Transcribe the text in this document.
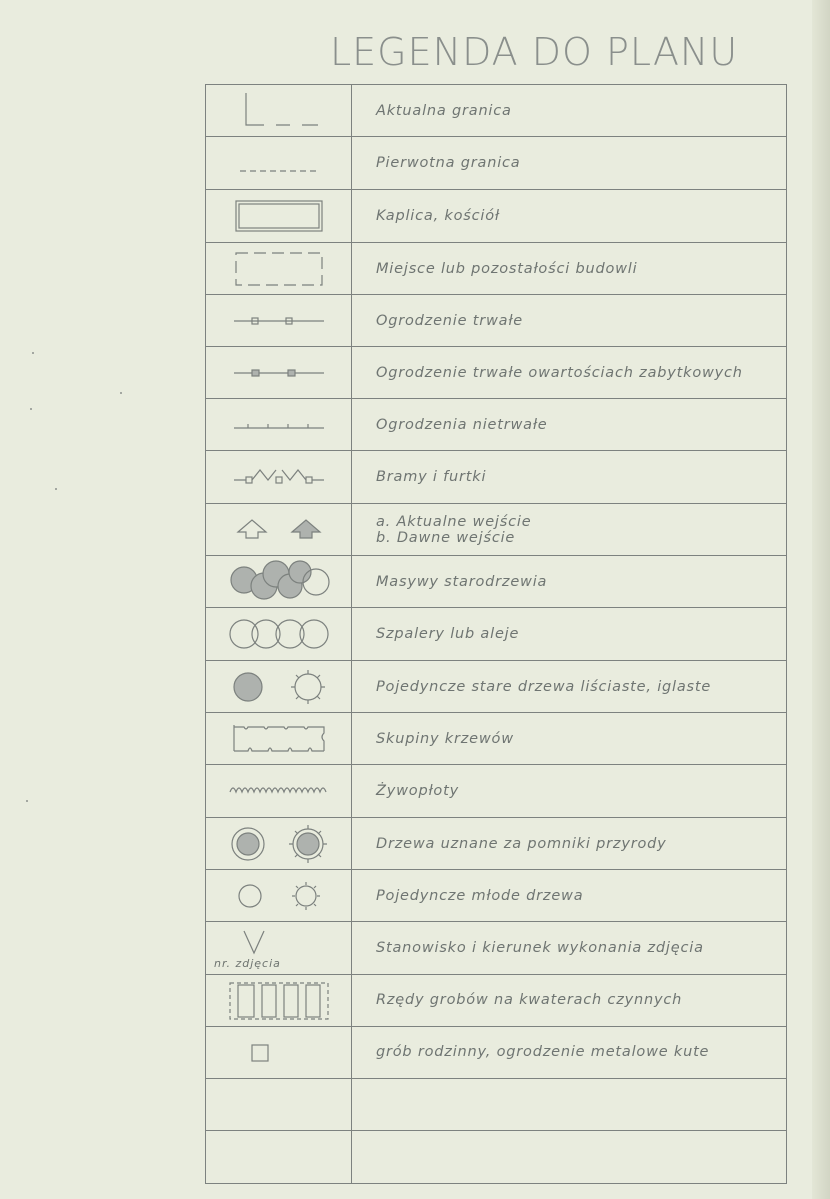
LEGENDA DO PLANU
Aktualna granica
Pierwotna granica
Kaplica, kościół
Miejsce lub pozostałości budowli
Ogrodzenie trwałe
Ogrodzenie trwałe owartościach zabytkowych
Ogrodzenia nietrwałe
Bramy i furtki
a. Aktualne wejście
b. Dawne wejście
Masywy starodrzewia
Szpalery lub aleje
Pojedyncze stare drzewa liściaste, iglaste
Skupiny krzewów
Żywopłoty
Drzewa uznane za pomniki przyrody
Pojedyncze młode drzewa
nr. zdjęcia
Stanowisko i kierunek wykonania zdjęcia
Rzędy grobów na kwaterach czynnych
grób rodzinny, ogrodzenie metalowe kute
